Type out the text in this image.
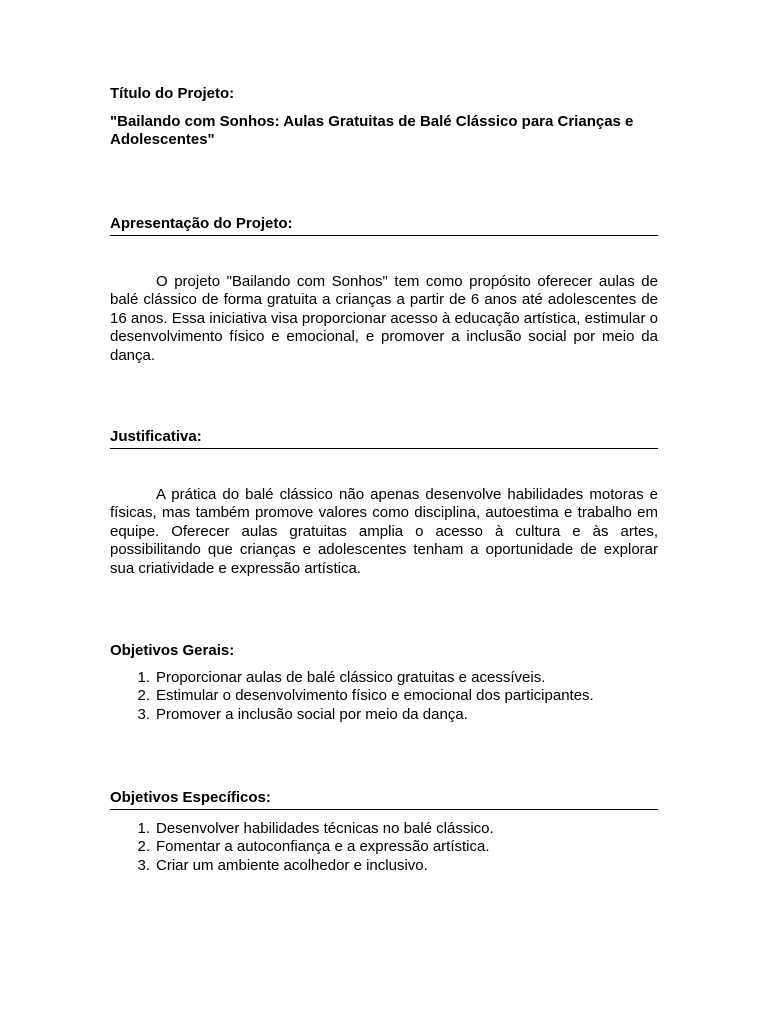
Título do Projeto:

"Bailando com Sonhos: Aulas Gratuitas de Balé Clássico para Crianças e Adolescentes"

Apresentação do Projeto:

O projeto "Bailando com Sonhos" tem como propósito oferecer aulas de balé clássico de forma gratuita a crianças a partir de 6 anos até adolescentes de 16 anos. Essa iniciativa visa proporcionar acesso à educação artística, estimular o desenvolvimento físico e emocional, e promover a inclusão social por meio da dança.

Justificativa:

A prática do balé clássico não apenas desenvolve habilidades motoras e físicas, mas também promove valores como disciplina, autoestima e trabalho em equipe. Oferecer aulas gratuitas amplia o acesso à cultura e às artes, possibilitando que crianças e adolescentes tenham a oportunidade de explorar sua criatividade e expressão artística.

Objetivos Gerais:

1. Proporcionar aulas de balé clássico gratuitas e acessíveis.
2. Estimular o desenvolvimento físico e emocional dos participantes.
3. Promover a inclusão social por meio da dança.

Objetivos Específicos:

1. Desenvolver habilidades técnicas no balé clássico.
2. Fomentar a autoconfiança e a expressão artística.
3. Criar um ambiente acolhedor e inclusivo.
